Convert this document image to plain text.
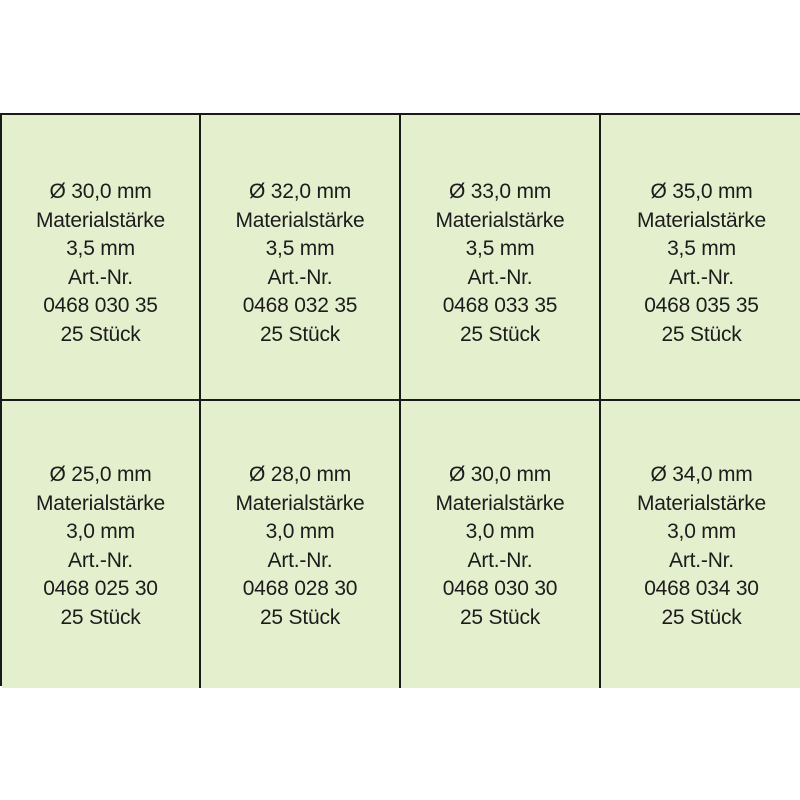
Ø 30,0 mm
Materialstärke
3,5 mm
Art.-Nr.
0468 030 35
25 Stück
Ø 32,0 mm
Materialstärke
3,5 mm
Art.-Nr.
0468 032 35
25 Stück
Ø 33,0 mm
Materialstärke
3,5 mm
Art.-Nr.
0468 033 35
25 Stück
Ø 35,0 mm
Materialstärke
3,5 mm
Art.-Nr.
0468 035 35
25 Stück
Ø 25,0 mm
Materialstärke
3,0 mm
Art.-Nr.
0468 025 30
25 Stück
Ø 28,0 mm
Materialstärke
3,0 mm
Art.-Nr.
0468 028 30
25 Stück
Ø 30,0 mm
Materialstärke
3,0 mm
Art.-Nr.
0468 030 30
25 Stück
Ø 34,0 mm
Materialstärke
3,0 mm
Art.-Nr.
0468 034 30
25 Stück
